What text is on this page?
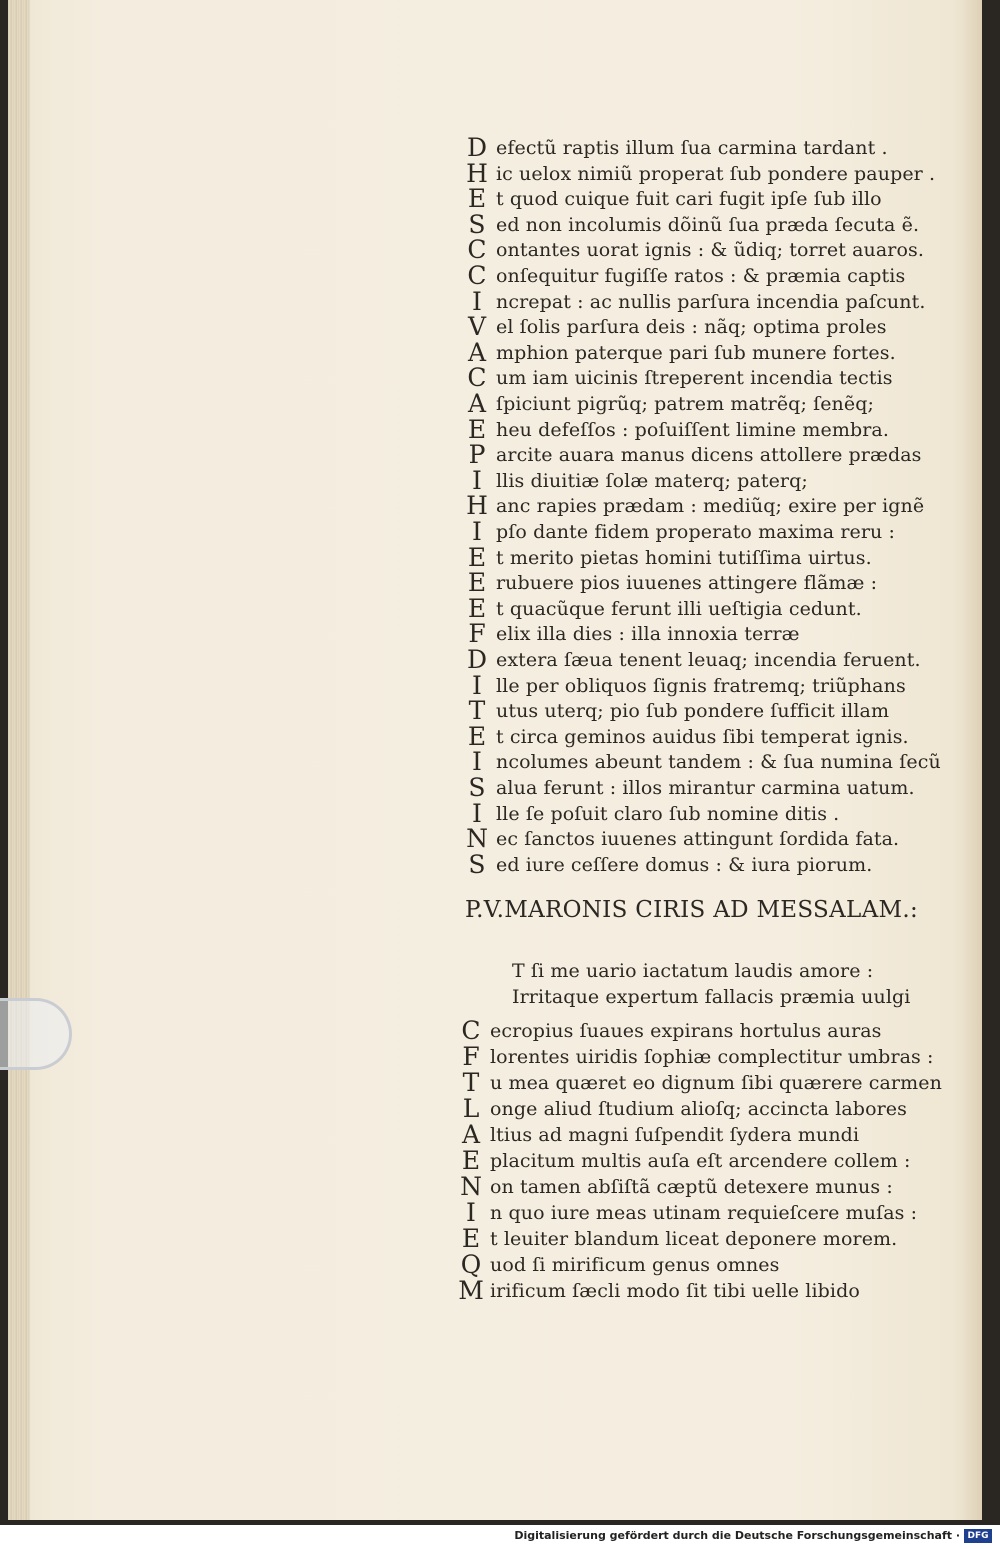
D efectũ raptis illum ſua carmina tardant .
H ic uelox nimiũ properat ſub pondere pauper .
E t quod cuique fuit cari fugit ipſe ſub illo
S ed non incolumis dõinũ ſua præda ſecuta ẽ.
C ontantes uorat ignis : & ũdiq; torret auaros.
C onſequitur fugiſſe ratos : & præmia captis
I ncrepat : ac nullis parſura incendia paſcunt.
V el ſolis parſura deis : nãq; optima proles
A mphion paterque pari ſub munere fortes.
C um iam uicinis ſtreperent incendia tectis
A ſpiciunt pigrũq; patrem matrẽq; ſenẽq;
E heu defeſſos : poſuiſſent limine membra.
P arcite auara manus dicens attollere prædas
I llis diuitiæ ſolæ materq; paterq;
H anc rapies prædam : mediũq; exire per ignẽ
I pſo dante fidem properato maxima reru :
E t merito pietas homini tutiſſima uirtus.
E rubuere pios iuuenes attingere flãmæ :
E t quacũque ferunt illi ueſtigia cedunt.
F elix illa dies : illa innoxia terræ
D extera ſæua tenent leuaq; incendia feruent.
I lle per obliquos ſignis fratremq; triũphans
T utus uterq; pio ſub pondere ſufficit illam
E t circa geminos auidus ſibi temperat ignis.
I ncolumes abeunt tandem : & ſua numina ſecũ
S alua ferunt : illos mirantur carmina uatum.
I lle ſe poſuit claro ſub nomine ditis .
N ec ſanctos iuuenes attingunt ſordida fata.
S ed iure ceſſere domus : & iura piorum.
P.V.MARONIS CIRIS AD MESSALAM.:
T ſi me uario iactatum laudis amore :
Irritaque expertum fallacis præmia uulgi
C ecropius ſuaues expirans hortulus auras
F lorentes uiridis ſophiæ complectitur umbras :
T u mea quæret eo dignum ſibi quærere carmen
L onge aliud ſtudium alioſq; accincta labores
A ltius ad magni ſuſpendit ſydera mundi
E placitum multis auſa eſt arcendere collem :
N on tamen abſiſtã cæptũ detexere munus :
I n quo iure meas utinam requieſcere muſas :
E t leuiter blandum liceat deponere morem.
Q uod ſi mirificum genus omnes
M irificum ſæcli modo ſit tibi uelle libido
Digitalisierung gefördert durch die Deutsche Forschungsgemeinschaft · DFG
